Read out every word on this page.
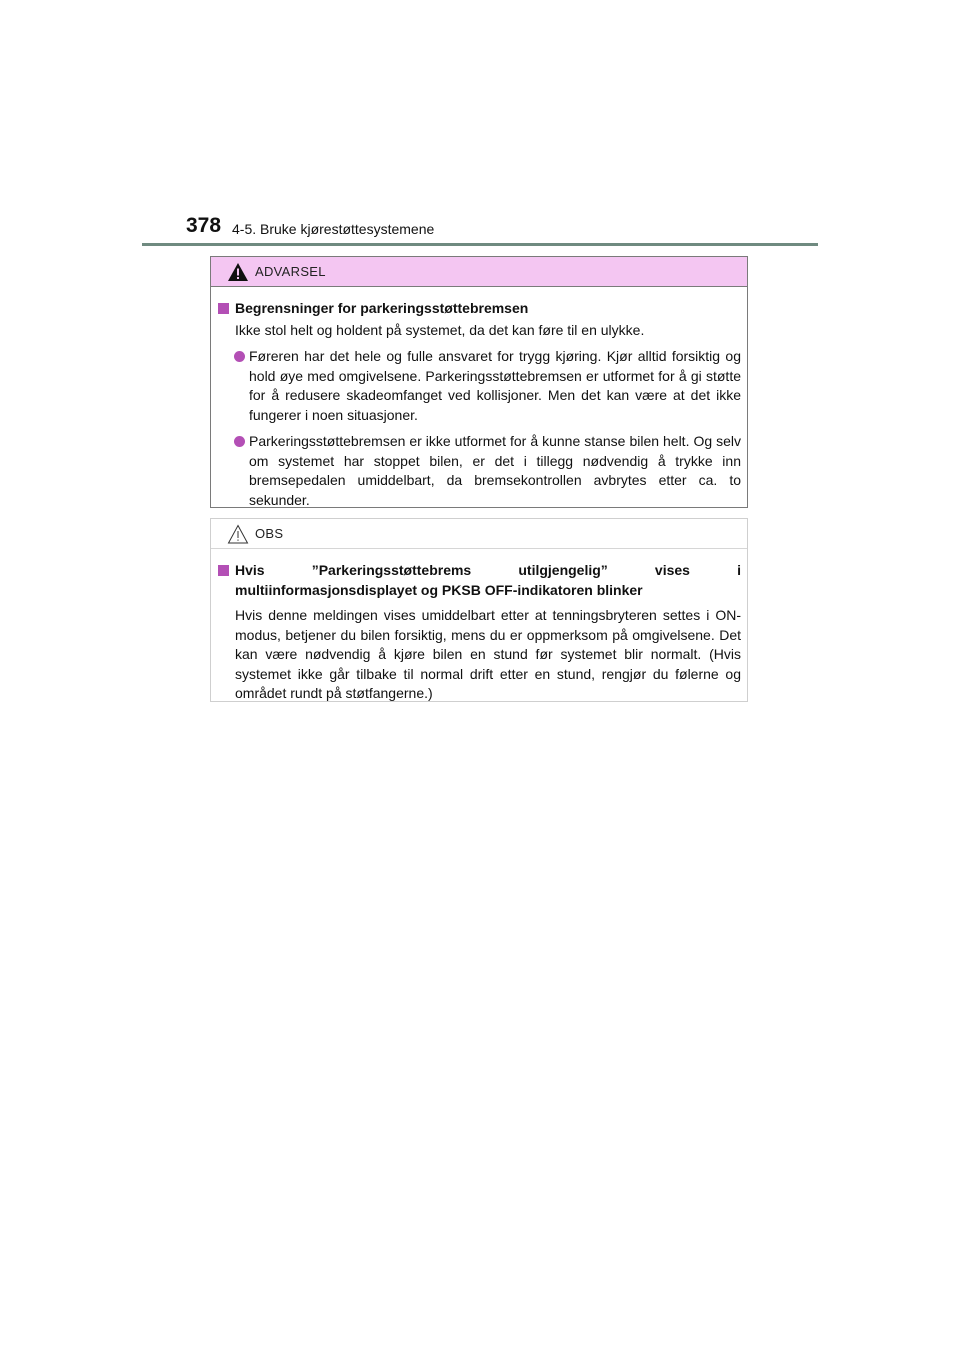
378 4-5. Bruke kjørestøttesystemene
ADVARSEL
Begrensninger for parkeringsstøttebremsen
Ikke stol helt og holdent på systemet, da det kan føre til en ulykke.
Føreren har det hele og fulle ansvaret for trygg kjøring. Kjør alltid forsiktig og hold øye med omgivelsene. Parkeringsstøttebremsen er utformet for å gi støtte for å redusere skadeomfanget ved kollisjoner. Men det kan være at det ikke fungerer i noen situasjoner.
Parkeringsstøttebremsen er ikke utformet for å kunne stanse bilen helt. Og selv om systemet har stoppet bilen, er det i tillegg nødvendig å trykke inn bremsepedalen umiddelbart, da bremsekontrollen avbrytes etter ca. to sekunder.
OBS
Hvis ”Parkeringsstøttebrems utilgjengelig” vises i multiinformasjonsdisplayet og PKSB OFF-indikatoren blinker
Hvis denne meldingen vises umiddelbart etter at tenningsbryteren settes i ON-modus, betjener du bilen forsiktig, mens du er oppmerksom på omgivelsene. Det kan være nødvendig å kjøre bilen en stund før systemet blir normalt. (Hvis systemet ikke går tilbake til normal drift etter en stund, rengjør du følerne og området rundt på støtfangerne.)
